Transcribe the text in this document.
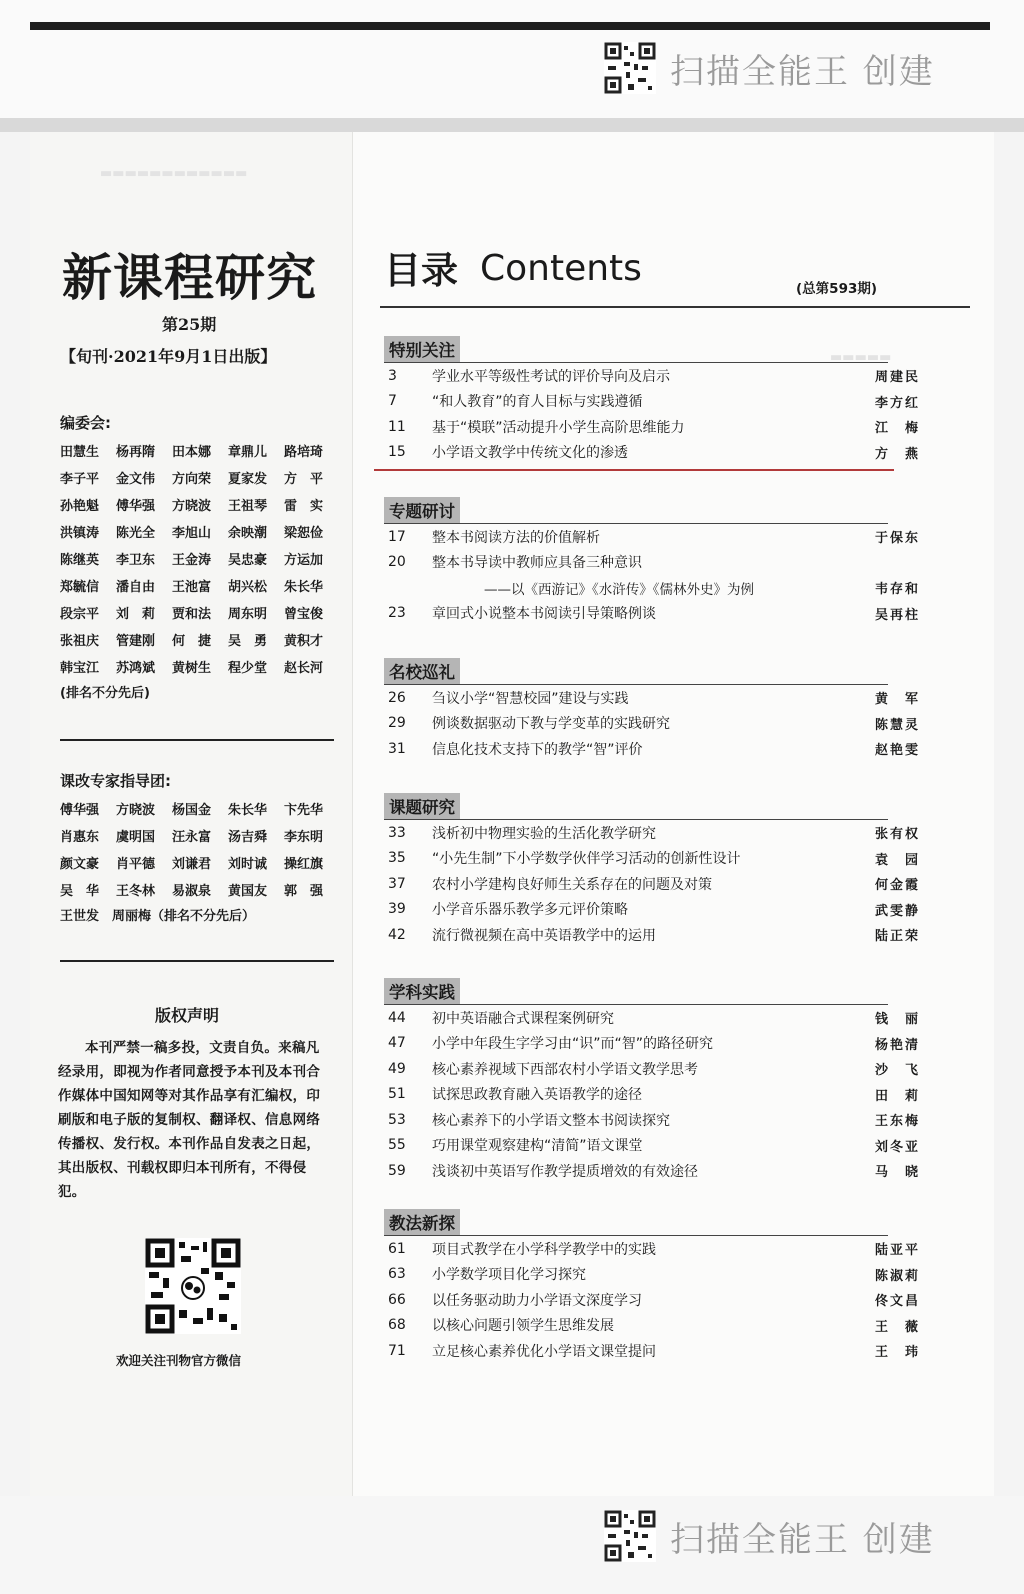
扫描全能王 创建
▬▬▬▬▬▬▬▬▬▬▬▬
▬▬▬▬▬
新课程研究
第25期
【旬刊·2021年9月1日出版】
编委会:
田慧生	杨再隋	田本娜	章鼎儿	路培琦
李子平	金文伟	方向荣	夏家发	方　平
孙艳魁	傅华强	方晓波	王祖琴	雷　实
洪镇涛	陈光全	李旭山	余映潮	梁恕俭
陈继英	李卫东	王金涛	吴忠豪	方运加
郑毓信	潘自由	王池富	胡兴松	朱长华
段宗平	刘　莉	贾和法	周东明	曾宝俊
张祖庆	管建刚	何　捷	吴　勇	黄积才
韩宝江	苏鸿斌	黄树生	程少堂	赵长河
(排名不分先后)
课改专家指导团:
傅华强	方晓波	杨国金	朱长华	卞先华
肖惠东	虞明国	汪永富	汤吉舜	李东明
颜文豪	肖平德	刘谦君	刘时诚	操红旗
吴　华	王冬林	易淑泉	黄国友	郭　强
王世发　周丽梅（排名不分先后）
版权声明
本刊严禁一稿多投，文责自负。来稿凡经录用，即视为作者同意授予本刊及本刊合作媒体中国知网等对其作品享有汇编权，印刷版和电子版的复制权、翻译权、信息网络传播权、发行权。本刊作品自发表之日起，其出版权、刊载权即归本刊所有，不得侵犯。
欢迎关注刊物官方微信
目录 Contents	(总第593期)
特别关注
3	学业水平等级性考试的评价导向及启示	周建民
7	“和人教育”的育人目标与实践遵循	李方红
11	基于“模联”活动提升小学生高阶思维能力	江　梅
15	小学语文教学中传统文化的渗透	方　燕
专题研讨
17	整本书阅读方法的价值解析	于保东
20	整本书导读中教师应具备三种意识
——以《西游记》《水浒传》《儒林外史》为例	韦存和
23	章回式小说整本书阅读引导策略例谈	吴再柱
名校巡礼
26	刍议小学“智慧校园”建设与实践	黄　军
29	例谈数据驱动下教与学变革的实践研究	陈慧灵
31	信息化技术支持下的教学“智”评价	赵艳雯
课题研究
33	浅析初中物理实验的生活化教学研究	张有权
35	“小先生制”下小学数学伙伴学习活动的创新性设计	袁　园
37	农村小学建构良好师生关系存在的问题及对策	何金霞
39	小学音乐器乐教学多元评价策略	武雯静
42	流行微视频在高中英语教学中的运用	陆正荣
学科实践
44	初中英语融合式课程案例研究	钱　丽
47	小学中年段生字学习由“识”而“智”的路径研究	杨艳清
49	核心素养视域下西部农村小学语文教学思考	沙　飞
51	试探思政教育融入英语教学的途径	田　莉
53	核心素养下的小学语文整本书阅读探究	王东梅
55	巧用课堂观察建构“清简”语文课堂	刘冬亚
59	浅谈初中英语写作教学提质增效的有效途径	马　晓
教法新探
61	项目式教学在小学科学教学中的实践	陆亚平
63	小学数学项目化学习探究	陈淑莉
66	以任务驱动助力小学语文深度学习	佟文昌
68	以核心问题引领学生思维发展	王　薇
71	立足核心素养优化小学语文课堂提问	王　玮
扫描全能王 创建
